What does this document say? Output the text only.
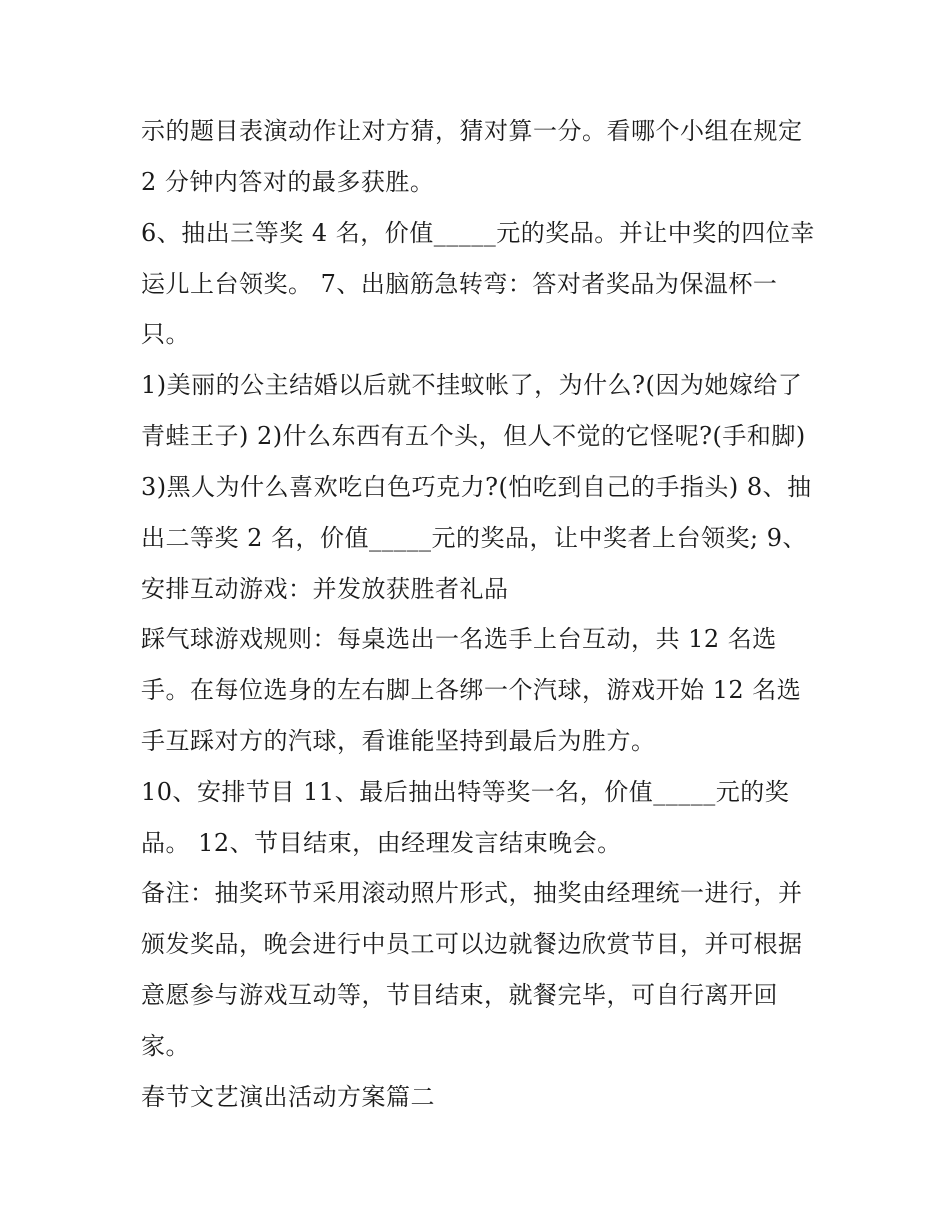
示的题目表演动作让对方猜，猜对算一分。看哪个小组在规定
2 分钟内答对的最多获胜。
6、抽出三等奖 4 名，价值_____元的奖品。并让中奖的四位幸
运儿上台领奖。 7、出脑筋急转弯：答对者奖品为保温杯一
只。
1)美丽的公主结婚以后就不挂蚊帐了，为什么?(因为她嫁给了
青蛙王子) 2)什么东西有五个头，但人不觉的它怪呢?(手和脚)
3)黑人为什么喜欢吃白色巧克力?(怕吃到自己的手指头) 8、抽
出二等奖 2 名，价值_____元的奖品，让中奖者上台领奖; 9、
安排互动游戏：并发放获胜者礼品
踩气球游戏规则：每桌选出一名选手上台互动，共 12 名选
手。在每位选身的左右脚上各绑一个汽球，游戏开始 12 名选
手互踩对方的汽球，看谁能坚持到最后为胜方。
10、安排节目 11、最后抽出特等奖一名，价值_____元的奖
品。 12、节目结束，由经理发言结束晚会。
备注：抽奖环节采用滚动照片形式，抽奖由经理统一进行，并
颁发奖品，晚会进行中员工可以边就餐边欣赏节目，并可根据
意愿参与游戏互动等，节目结束，就餐完毕，可自行离开回
家。
春节文艺演出活动方案篇二
